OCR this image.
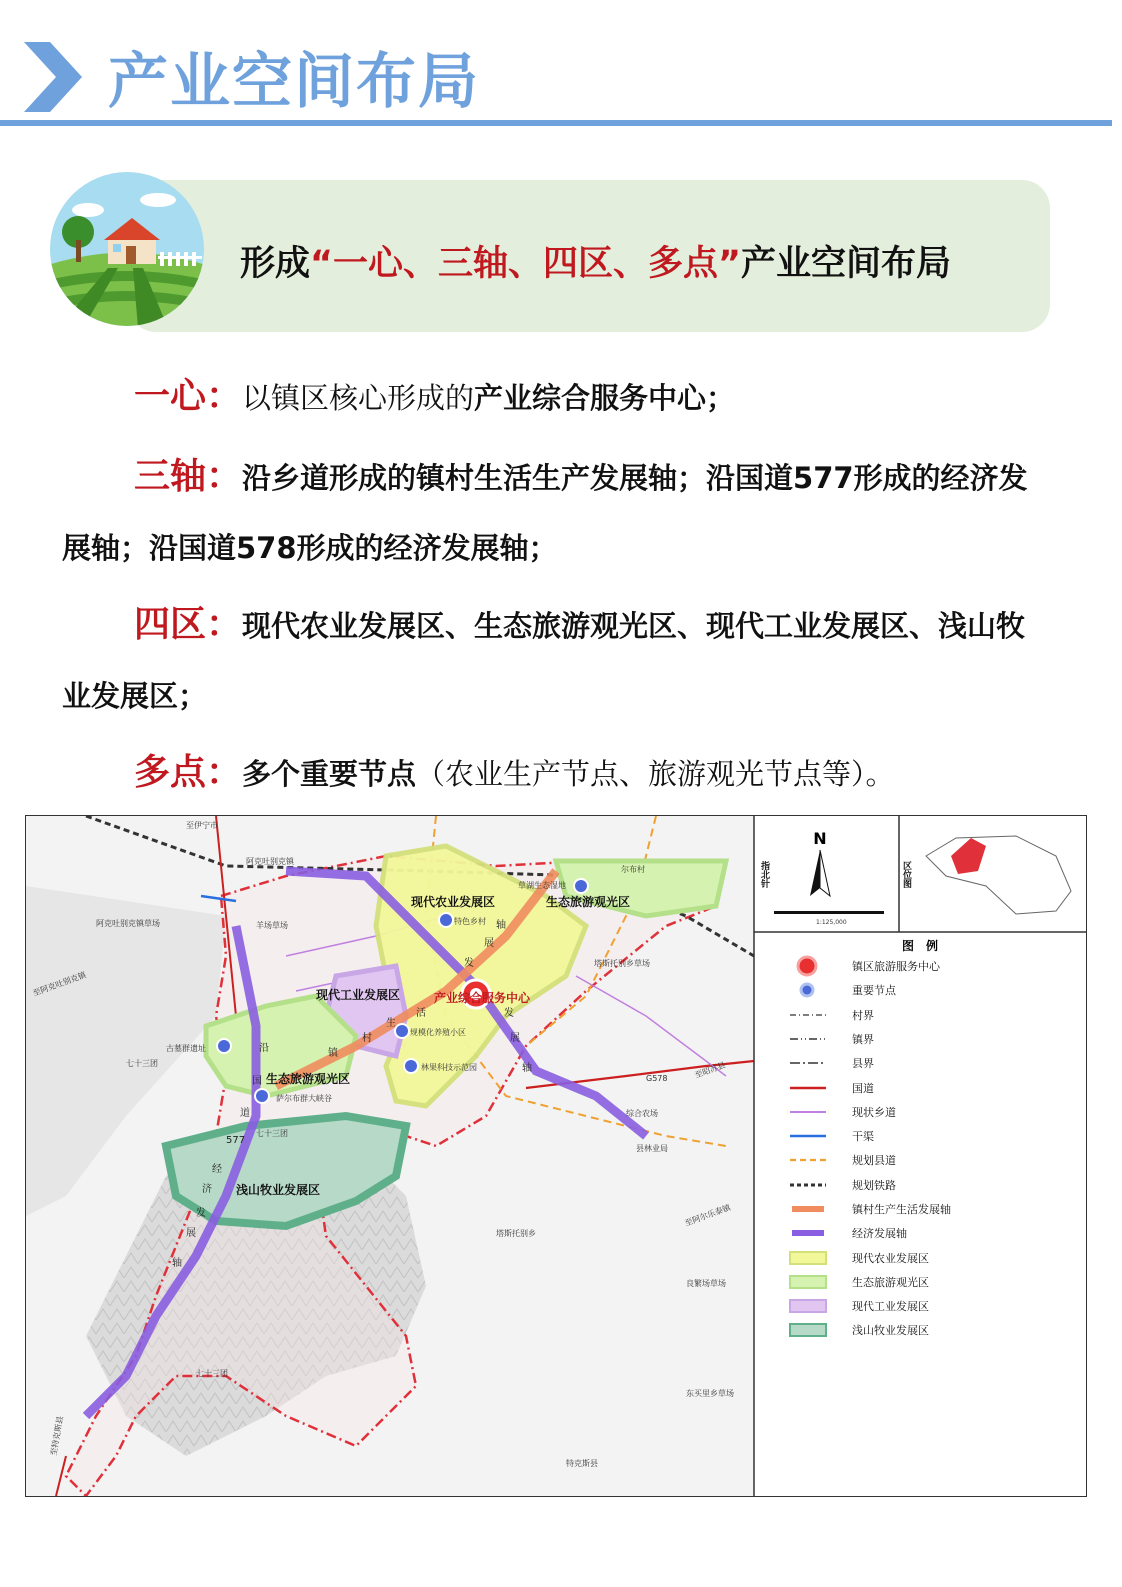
产业空间布局
形成“一心、三轴、四区、多点”产业空间布局
一心：以镇区核心形成的产业综合服务中心；
三轴：沿乡道形成的镇村生活生产发展轴；沿国道577形成的经济发展轴；沿国道578形成的经济发展轴；
四区：现代农业发展区、生态旅游观光区、现代工业发展区、浅山牧业发展区；
多点：多个重要节点（农业生产节点、旅游观光节点等）。
现代农业发展区	生态旅游观光区
现代工业发展区
生态旅游观光区
浅山牧业发展区
产业综合服务中心
沿
国
道
577
经
济
发
展
轴
镇
村
生
活
发
展
轴
发
展
轴
至伊宁市
阿克吐别克镇
阿克吐别克镇草场
至阿克吐别克镇
羊场草场
古墓群遗址
七十三团
七十三团
七十三团
萨尔布群大峡谷
特色乡村
规模化养殖小区
林果科技示范园
草湖生态湿地
塔斯托别乡草场
塔斯托别乡
特克斯县
东买里乡草场
良繁场草场
至特克斯县
至阿尔乐泰镇
G578	至昭苏县
综合农场
县林业局
尔布村
N
指北针	区位图
1:125,000
图　例
镇区旅游服务中心
重要节点
村界
镇界
县界
国道
现状乡道
干渠
规划县道
规划铁路
镇村生产生活发展轴
经济发展轴
现代农业发展区
生态旅游观光区
现代工业发展区
浅山牧业发展区
